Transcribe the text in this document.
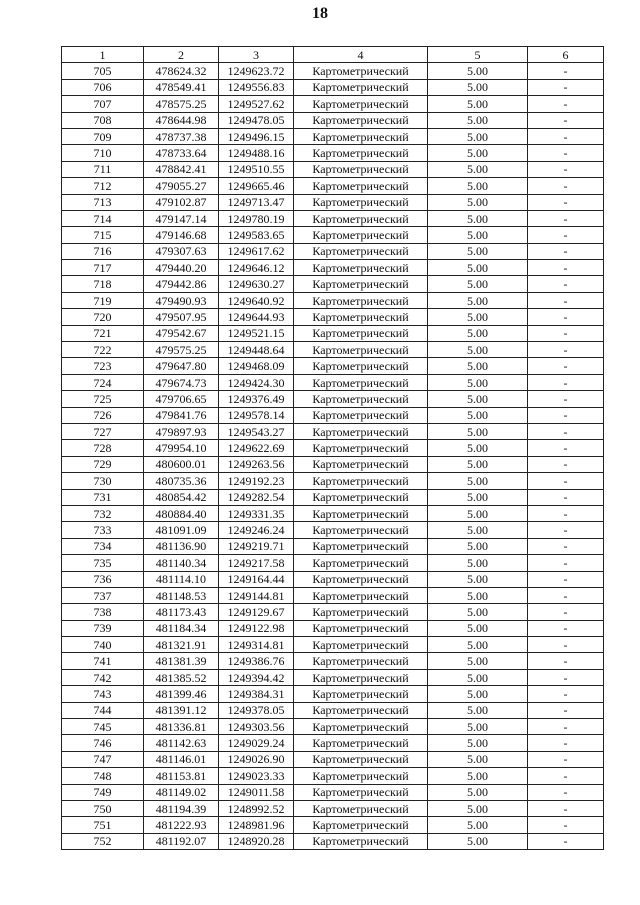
18
1	2	3	4	5	6
705	478624.32	1249623.72	Картометрический	5.00	-
706	478549.41	1249556.83	Картометрический	5.00	-
707	478575.25	1249527.62	Картометрический	5.00	-
708	478644.98	1249478.05	Картометрический	5.00	-
709	478737.38	1249496.15	Картометрический	5.00	-
710	478733.64	1249488.16	Картометрический	5.00	-
711	478842.41	1249510.55	Картометрический	5.00	-
712	479055.27	1249665.46	Картометрический	5.00	-
713	479102.87	1249713.47	Картометрический	5.00	-
714	479147.14	1249780.19	Картометрический	5.00	-
715	479146.68	1249583.65	Картометрический	5.00	-
716	479307.63	1249617.62	Картометрический	5.00	-
717	479440.20	1249646.12	Картометрический	5.00	-
718	479442.86	1249630.27	Картометрический	5.00	-
719	479490.93	1249640.92	Картометрический	5.00	-
720	479507.95	1249644.93	Картометрический	5.00	-
721	479542.67	1249521.15	Картометрический	5.00	-
722	479575.25	1249448.64	Картометрический	5.00	-
723	479647.80	1249468.09	Картометрический	5.00	-
724	479674.73	1249424.30	Картометрический	5.00	-
725	479706.65	1249376.49	Картометрический	5.00	-
726	479841.76	1249578.14	Картометрический	5.00	-
727	479897.93	1249543.27	Картометрический	5.00	-
728	479954.10	1249622.69	Картометрический	5.00	-
729	480600.01	1249263.56	Картометрический	5.00	-
730	480735.36	1249192.23	Картометрический	5.00	-
731	480854.42	1249282.54	Картометрический	5.00	-
732	480884.40	1249331.35	Картометрический	5.00	-
733	481091.09	1249246.24	Картометрический	5.00	-
734	481136.90	1249219.71	Картометрический	5.00	-
735	481140.34	1249217.58	Картометрический	5.00	-
736	481114.10	1249164.44	Картометрический	5.00	-
737	481148.53	1249144.81	Картометрический	5.00	-
738	481173.43	1249129.67	Картометрический	5.00	-
739	481184.34	1249122.98	Картометрический	5.00	-
740	481321.91	1249314.81	Картометрический	5.00	-
741	481381.39	1249386.76	Картометрический	5.00	-
742	481385.52	1249394.42	Картометрический	5.00	-
743	481399.46	1249384.31	Картометрический	5.00	-
744	481391.12	1249378.05	Картометрический	5.00	-
745	481336.81	1249303.56	Картометрический	5.00	-
746	481142.63	1249029.24	Картометрический	5.00	-
747	481146.01	1249026.90	Картометрический	5.00	-
748	481153.81	1249023.33	Картометрический	5.00	-
749	481149.02	1249011.58	Картометрический	5.00	-
750	481194.39	1248992.52	Картометрический	5.00	-
751	481222.93	1248981.96	Картометрический	5.00	-
752	481192.07	1248920.28	Картометрический	5.00	-
